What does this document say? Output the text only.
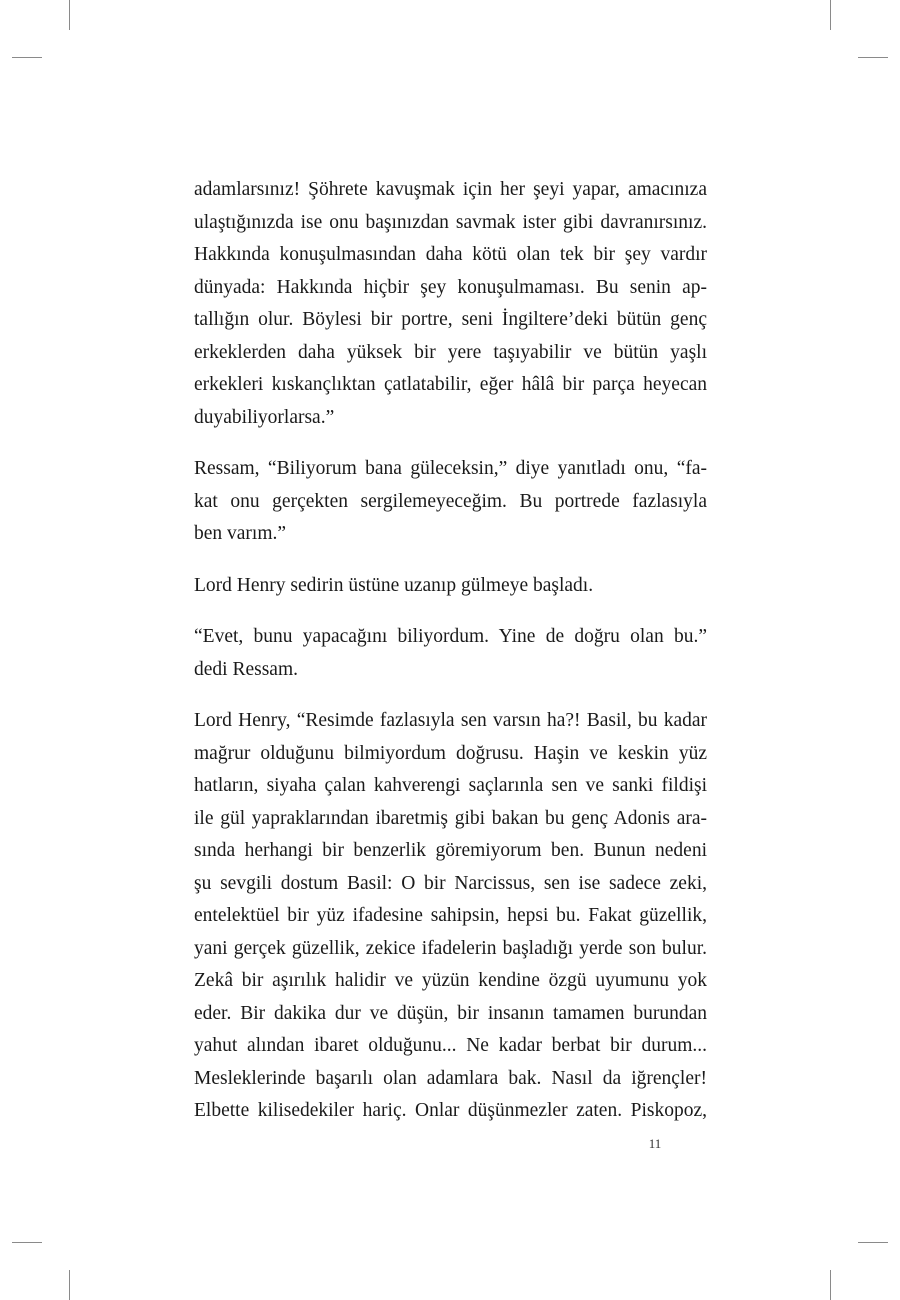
adamlarsınız! Şöhrete kavuşmak için her şeyi yapar, amacınıza
ulaştığınızda ise onu başınızdan savmak ister gibi davranırsınız.
Hakkında konuşulmasından daha kötü olan tek bir şey vardır
dünyada: Hakkında hiçbir şey konuşulmaması. Bu senin ap-
tallığın olur. Böylesi bir portre, seni İngiltere’deki bütün genç
erkeklerden daha yüksek bir yere taşıyabilir ve bütün yaşlı
erkekleri kıskançlıktan çatlatabilir, eğer hâlâ bir parça heyecan
duyabiliyorlarsa.”
Ressam, “Biliyorum bana güleceksin,” diye yanıtladı onu, “fa-
kat onu gerçekten sergilemeyeceğim. Bu portrede fazlasıyla
ben varım.”
Lord Henry sedirin üstüne uzanıp gülmeye başladı.
“Evet, bunu yapacağını biliyordum. Yine de doğru olan bu.”
dedi Ressam.
Lord Henry, “Resimde fazlasıyla sen varsın ha?! Basil, bu kadar
mağrur olduğunu bilmiyordum doğrusu. Haşin ve keskin yüz
hatların, siyaha çalan kahverengi saçlarınla sen ve sanki fildişi
ile gül yapraklarından ibaretmiş gibi bakan bu genç Adonis ara-
sında herhangi bir benzerlik göremiyorum ben. Bunun nedeni
şu sevgili dostum Basil: O bir Narcissus, sen ise sadece zeki,
entelektüel bir yüz ifadesine sahipsin, hepsi bu. Fakat güzellik,
yani gerçek güzellik, zekice ifadelerin başladığı yerde son bulur.
Zekâ bir aşırılık halidir ve yüzün kendine özgü uyumunu yok
eder. Bir dakika dur ve düşün, bir insanın tamamen burundan
yahut alından ibaret olduğunu... Ne kadar berbat bir durum...
Mesleklerinde başarılı olan adamlara bak. Nasıl da iğrençler!
Elbette kilisedekiler hariç. Onlar düşünmezler zaten. Piskopoz,
11
